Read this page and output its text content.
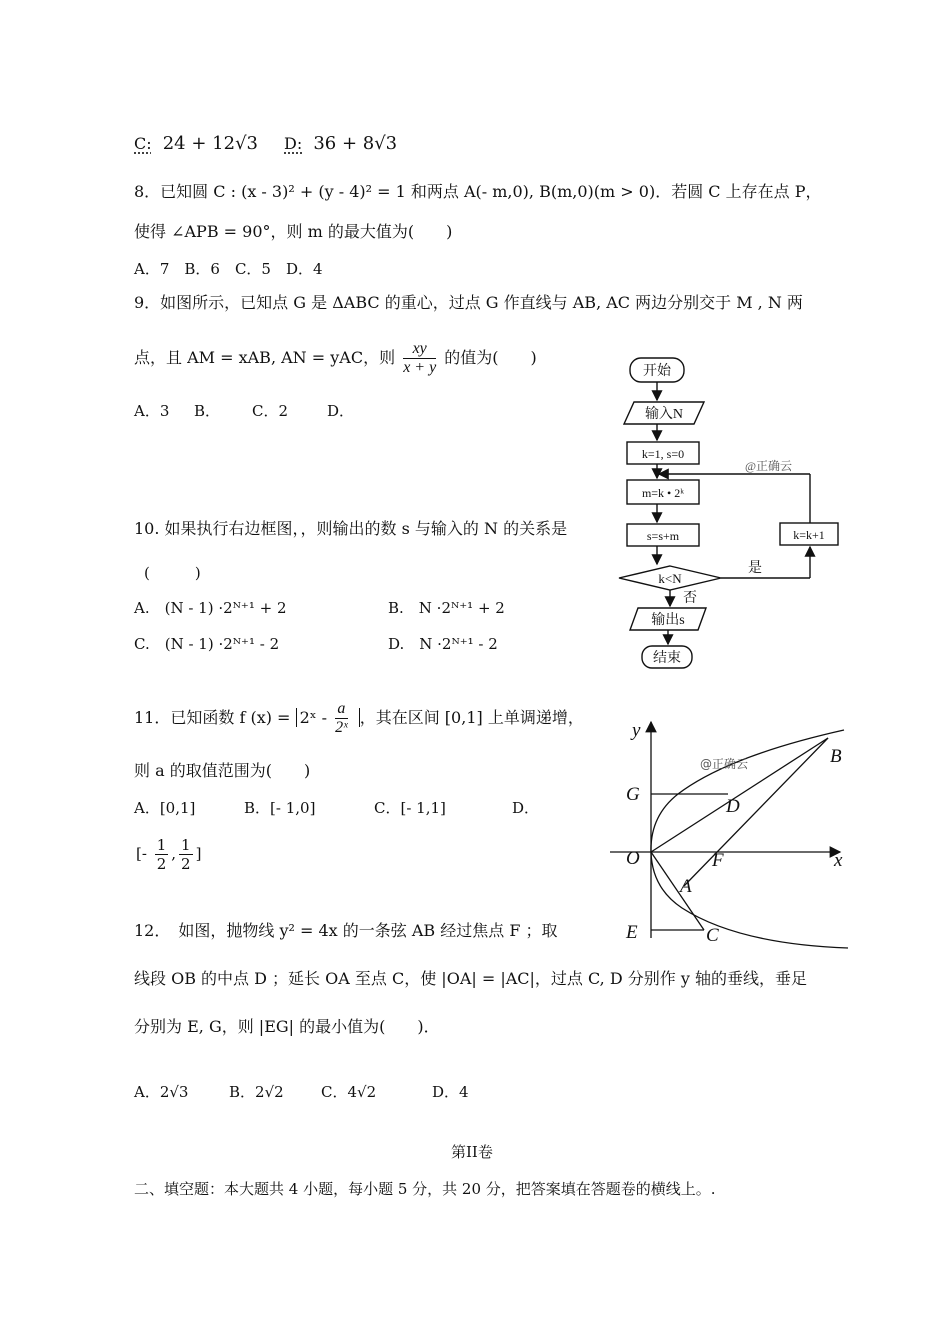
C: 24 + 12√3 D: 36 + 8√3
8．已知圆 C : (x - 3)² + (y - 4)² = 1 和两点 A(- m,0), B(m,0)(m > 0)．若圆 C 上存在点 P，
使得 ∠APB = 90°，则 m 的最大值为(　　)
A．7　B．6　C．5　D．4
9．如图所示，已知点 G 是 ΔABC 的重心，过点 G 作直线与 AB, AC 两边分别交于 M , N 两
点，且 AM = xAB, AN = yAC，则 $\frac{xy}{x + y}$ 的值为(　　)
A．3 B． C．2	D．
10. 如果执行右边框图，，则输出的数 s 与输入的 N 的关系是
(　　　)
A.　(N - 1) ·2ᴺ⁺¹ + 2	B.　N ·2ᴺ⁺¹ + 2
C.　(N - 1) ·2ᴺ⁺¹ - 2	D.　N ·2ᴺ⁺¹ - 2
开始
输入N
k=1, s=0
m=k • 2ᵏ
s=s+m
k<N
是
否
k=k+1
输出s
结束
@正确云
11．已知函数 f (x) = 2ˣ - $\frac{a}{\text{2ˣ}}$ ，其在区间 [0,1] 上单调递增，
则 a 的取值范围为(　　)
A．[0,1]	B．[- 1,0]	C．[- 1,1]	D．
[- $\frac{1}{2}$ , $\frac{1}{2}$ ]
y
B
G
D
O	F	x
A
E	C
@正确云
12．　如图，抛物线 y² = 4x 的一条弦 AB 经过焦点 F ；取
线段 OB 的中点 D ；延长 OA 至点 C，使 |OA| = |AC|，过点 C, D 分别作 y 轴的垂线，垂足
分别为 E, G，则 |EG| 的最小值为(　　)．
A．2√3	B．2√2 C．4√2	D．4
第II卷
二、填空题：本大题共 4 小题，每小题 5 分，共 20 分，把答案填在答题卷的横线上。.
